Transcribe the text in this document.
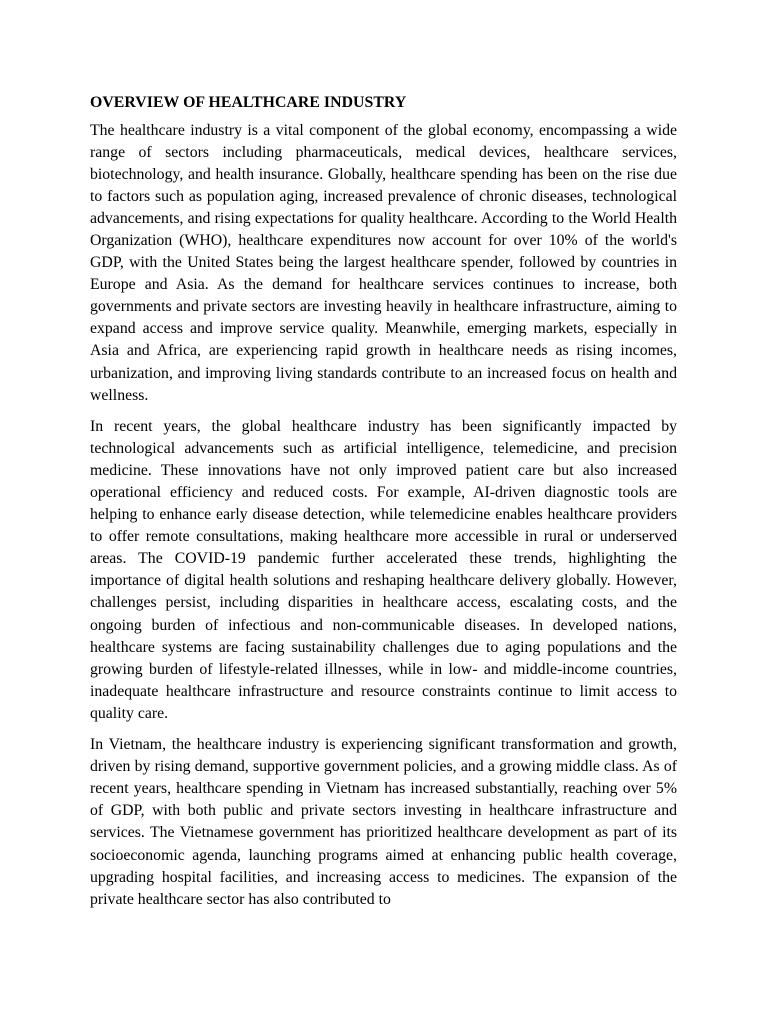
OVERVIEW OF HEALTHCARE INDUSTRY

The healthcare industry is a vital component of the global economy, encompassing a wide range of sectors including pharmaceuticals, medical devices, healthcare services, biotechnology, and health insurance. Globally, healthcare spending has been on the rise due to factors such as population aging, increased prevalence of chronic diseases, technological advancements, and rising expectations for quality healthcare. According to the World Health Organization (WHO), healthcare expenditures now account for over 10% of the world's GDP, with the United States being the largest healthcare spender, followed by countries in Europe and Asia. As the demand for healthcare services continues to increase, both governments and private sectors are investing heavily in healthcare infrastructure, aiming to expand access and improve service quality. Meanwhile, emerging markets, especially in Asia and Africa, are experiencing rapid growth in healthcare needs as rising incomes, urbanization, and improving living standards contribute to an increased focus on health and wellness.

In recent years, the global healthcare industry has been significantly impacted by technological advancements such as artificial intelligence, telemedicine, and precision medicine. These innovations have not only improved patient care but also increased operational efficiency and reduced costs. For example, AI-driven diagnostic tools are helping to enhance early disease detection, while telemedicine enables healthcare providers to offer remote consultations, making healthcare more accessible in rural or underserved areas. The COVID-19 pandemic further accelerated these trends, highlighting the importance of digital health solutions and reshaping healthcare delivery globally. However, challenges persist, including disparities in healthcare access, escalating costs, and the ongoing burden of infectious and non-communicable diseases. In developed nations, healthcare systems are facing sustainability challenges due to aging populations and the growing burden of lifestyle-related illnesses, while in low- and middle-income countries, inadequate healthcare infrastructure and resource constraints continue to limit access to quality care.

In Vietnam, the healthcare industry is experiencing significant transformation and growth, driven by rising demand, supportive government policies, and a growing middle class. As of recent years, healthcare spending in Vietnam has increased substantially, reaching over 5% of GDP, with both public and private sectors investing in healthcare infrastructure and services. The Vietnamese government has prioritized healthcare development as part of its socioeconomic agenda, launching programs aimed at enhancing public health coverage, upgrading hospital facilities, and increasing access to medicines. The expansion of the private healthcare sector has also contributed to
